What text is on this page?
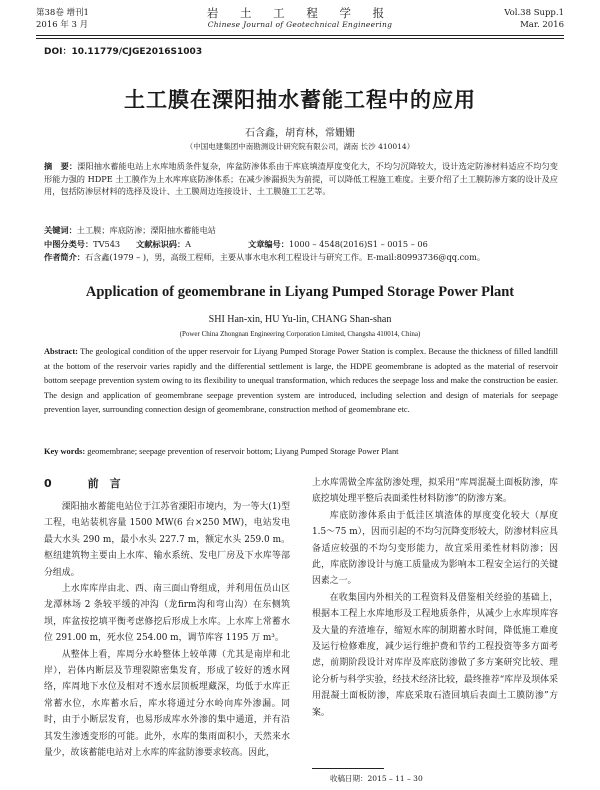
第38卷 增刊1
2016 年 3 月
岩 土 工 程 学 报
Chinese Journal of Geotechnical Engineering
Vol.38 Supp.1
Mar. 2016
DOI：10.11779/CJGE2016S1003
土工膜在溧阳抽水蓄能工程中的应用
石含鑫，胡育林，常姗姗
（中国电建集团中南勘测设计研究院有限公司，湖南 长沙 410014）
摘　要：溧阳抽水蓄能电站上水库地质条件复杂，库盆防渗体系由于库底填渣厚度变化大，不均匀沉降较大，设计选定防渗材料适应不均匀变形能力强的 HDPE 土工膜作为上水库库底防渗体系；在减少渗漏损失为前提，可以降低工程施工难度。主要介绍了土工膜防渗方案的设计及应用，包括防渗层材料的选择及设计、土工膜周边连接设计、土工膜施工工艺等。
关键词：土工膜；库底防渗；溧阳抽水蓄能电站
中图分类号：TV543 文献标识码：A	文章编号：1000 – 4548(2016)S1 – 0015 – 06
作者简介：石含鑫(1979 – )，男，高级工程师，主要从事水电水利工程设计与研究工作。E-mail:80993736@qq.com。
Application of geomembrane in Liyang Pumped Storage Power Plant
SHI Han-xin, HU Yu-lin, CHANG Shan-shan
(Power China Zhongnan Engineering Corporation Limited, Changsha 410014, China)
Abstract: The geological condition of the upper reservoir for Liyang Pumped Storage Power Station is complex. Because the thickness of filled landfill at the bottom of the reservoir varies rapidly and the differential settlement is large, the HDPE geomembrane is adopted as the material of reservoir bottom seepage prevention system owing to its flexibility to unequal transformation, which reduces the seepage loss and make the construction be easier. The design and application of geomembrane seepage prevention system are introduced, including selection and design of materials for seepage prevention layer, surrounding connection design of geomembrane, construction method of geomembrane etc.
Key words: geomembrane; seepage prevention of reservoir bottom; Liyang Pumped Storage Power Plant
0	前　言

溧阳抽水蓄能电站位于江苏省溧阳市境内，为一等大(1)型工程，电站装机容量 1500 MW(6 台×250 MW)，电站发电最大水头 290 m，最小水头 227.7 m，额定水头 259.0 m。枢纽建筑物主要由上水库、输水系统、发电厂房及下水库等部分组成。

上水库库岸由北、西、南三面山脊组成，并利用伍员山区龙潭林场 2 条较平缓的冲沟（龙firm沟和弯山沟）在东侧筑坝，库盆按挖填平衡考虑修挖后形成上水库。上水库上常蓄水位 291.00 m，死水位 254.00 m，调节库容 1195 万 m³。

从整体上看，库周分水岭整体上较单薄（尤其是南岸和北岸），岩体内断层及节理裂隙密集发育，形成了较好的透水网络，库周地下水位及相对不透水层顶板埋藏深，均低于水库正常蓄水位，水库蓄水后，库水将通过分水岭向库外渗漏。同时，由于小断层发育，也易形成库水外渗的集中通道，并有沿其发生渗透变形的可能。此外，水库的集雨面积小，天然来水量少，故该蓄能电站对上水库的库盆防渗要求较高。因此，

上水库需做全库盆防渗处理，拟采用“库周混凝土面板防渗，库底挖填处理平整后表面柔性材料防渗”的防渗方案。

库底防渗体系由于低洼区填渣体的厚度变化较大（厚度 1.5～75 m），因而引起的不均匀沉降变形较大，防渗材料应具备适应较强的不均匀变形能力，故宜采用柔性材料防渗；因此，库底防渗设计与施工质量成为影响本工程安全运行的关键因素之一。

在收集国内外相关的工程资料及借鉴相关经验的基础上，根据本工程上水库地形及工程地质条件，从减少上水库坝库容及大量的弃渣堆存，缩短水库的制期蓄水时间，降低施工难度及运行检修难度，减少运行维护费和节约工程投资等多方面考虑，前期阶段设计对库岸及库底防渗做了多方案研究比较、理论分析与科学实验，经技术经济比较，最终推荐“库岸及坝体采用混凝土面板防渗，库底采取石渣回填后表面土工膜防渗”方案。

收稿日期：2015 – 11 – 30
